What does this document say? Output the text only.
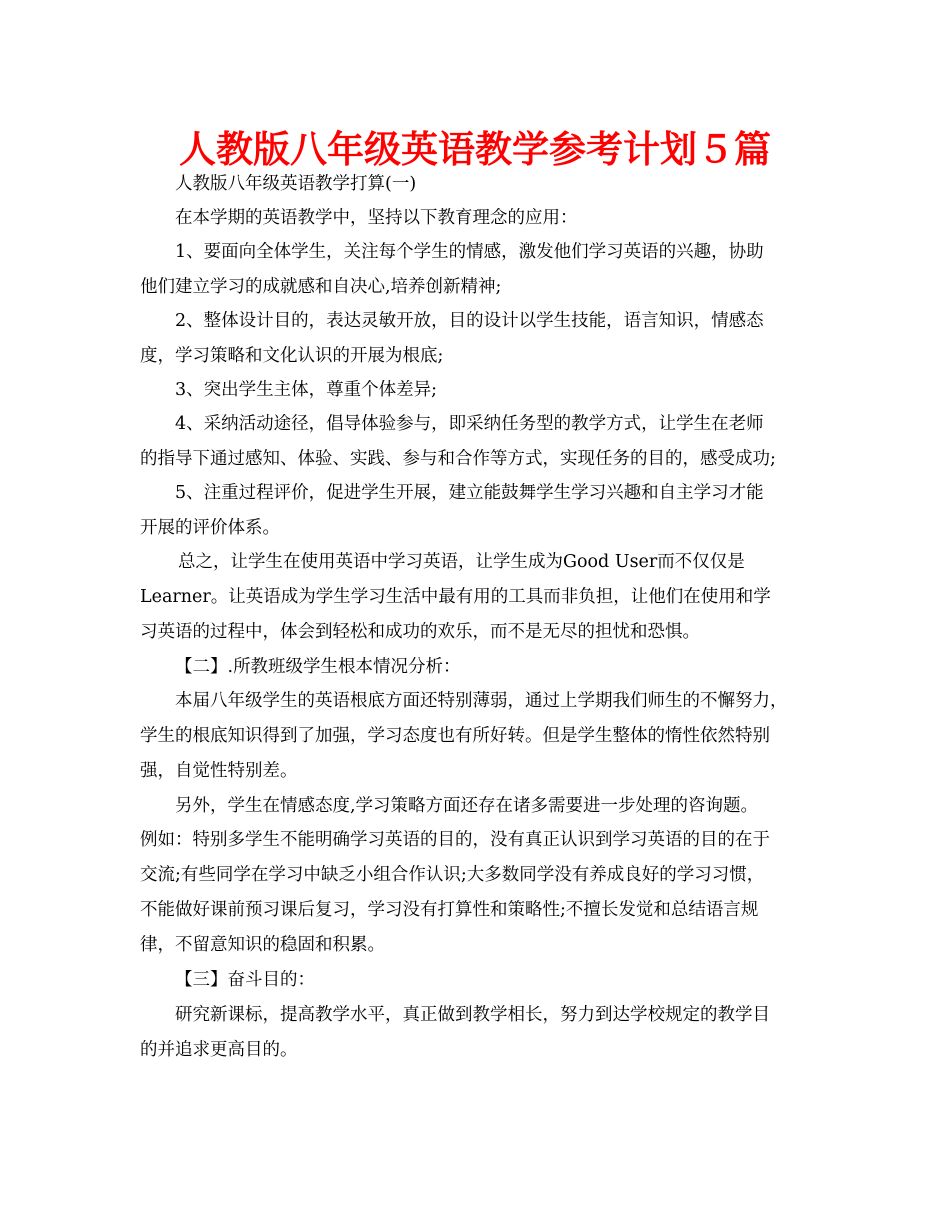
人教版八年级英语教学参考计划５篇
人教版八年级英语教学打算(一)
在本学期的英语教学中，坚持以下教育理念的应用：
1、要面向全体学生，关注每个学生的情感，激发他们学习英语的兴趣，协助
他们建立学习的成就感和自决心,培养创新精神;
2、整体设计目的，表达灵敏开放，目的设计以学生技能，语言知识，情感态
度，学习策略和文化认识的开展为根底;
3、突出学生主体，尊重个体差异;
4、采纳活动途径，倡导体验参与，即采纳任务型的教学方式，让学生在老师
的指导下通过感知、体验、实践、参与和合作等方式，实现任务的目的，感受成功;
5、注重过程评价，促进学生开展，建立能鼓舞学生学习兴趣和自主学习才能
开展的评价体系。
总之，让学生在使用英语中学习英语，让学生成为Good User而不仅仅是
Learner。让英语成为学生学习生活中最有用的工具而非负担，让他们在使用和学
习英语的过程中，体会到轻松和成功的欢乐，而不是无尽的担忧和恐惧。
【二】.所教班级学生根本情况分析：
本届八年级学生的英语根底方面还特别薄弱，通过上学期我们师生的不懈努力，
学生的根底知识得到了加强，学习态度也有所好转。但是学生整体的惰性依然特别
强，自觉性特别差。
另外，学生在情感态度,学习策略方面还存在诸多需要进一步处理的咨询题。
例如：特别多学生不能明确学习英语的目的，没有真正认识到学习英语的目的在于
交流;有些同学在学习中缺乏小组合作认识;大多数同学没有养成良好的学习习惯，
不能做好课前预习课后复习，学习没有打算性和策略性;不擅长发觉和总结语言规
律，不留意知识的稳固和积累。
【三】奋斗目的：
研究新课标，提高教学水平，真正做到教学相长，努力到达学校规定的教学目
的并追求更高目的。
